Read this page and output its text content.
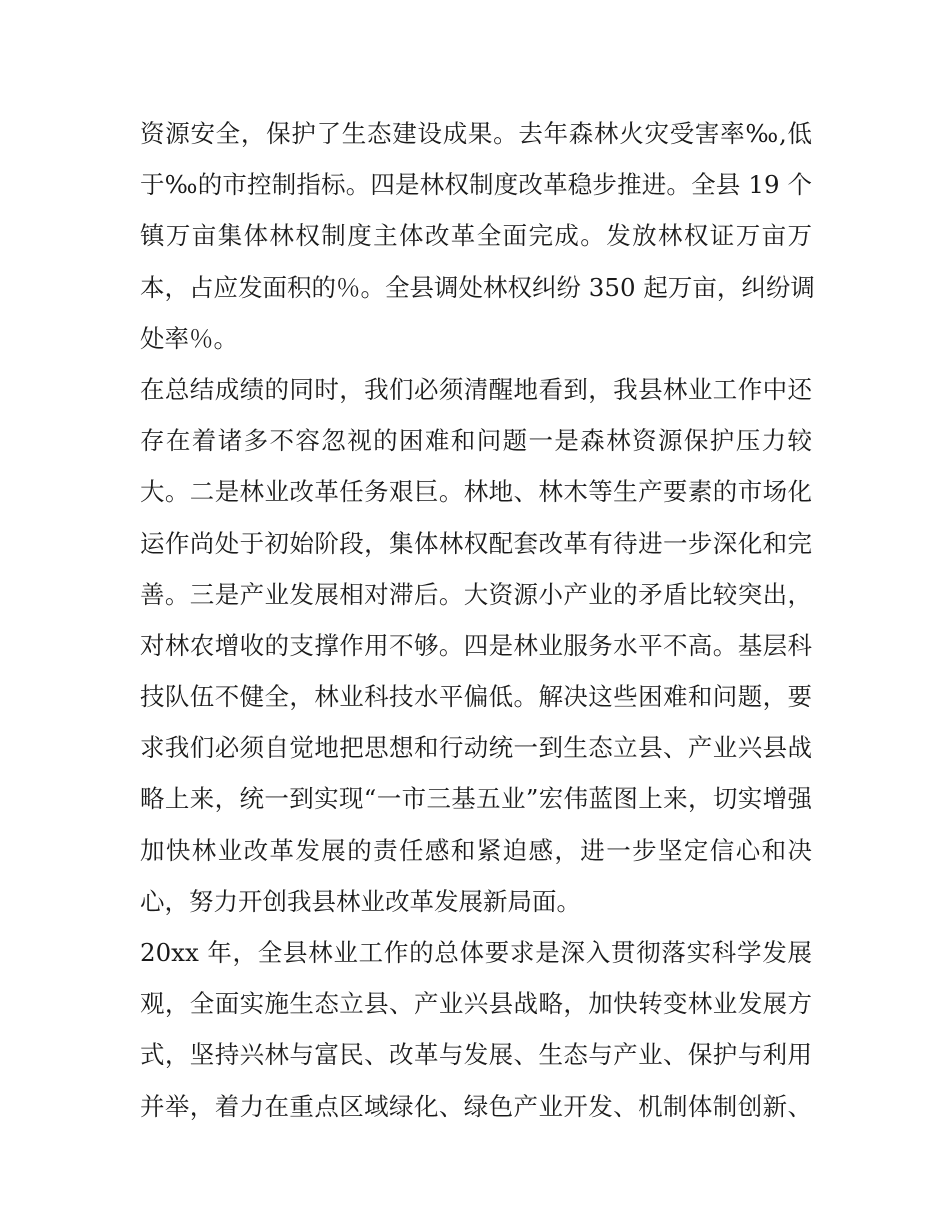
资源安全，保护了生态建设成果。去年森林火灾受害率‰,低
于‰的市控制指标。四是林权制度改革稳步推进。全县 19 个
镇万亩集体林权制度主体改革全面完成。发放林权证万亩万
本，占应发面积的％。全县调处林权纠纷 350 起万亩，纠纷调
处率％。
在总结成绩的同时，我们必须清醒地看到，我县林业工作中还
存在着诸多不容忽视的困难和问题一是森林资源保护压力较
大。二是林业改革任务艰巨。林地、林木等生产要素的市场化
运作尚处于初始阶段，集体林权配套改革有待进一步深化和完
善。三是产业发展相对滞后。大资源小产业的矛盾比较突出，
对林农增收的支撑作用不够。四是林业服务水平不高。基层科
技队伍不健全，林业科技水平偏低。解决这些困难和问题，要
求我们必须自觉地把思想和行动统一到生态立县、产业兴县战
略上来，统一到实现“一市三基五业”宏伟蓝图上来，切实增强
加快林业改革发展的责任感和紧迫感，进一步坚定信心和决
心，努力开创我县林业改革发展新局面。
20xx 年，全县林业工作的总体要求是深入贯彻落实科学发展
观，全面实施生态立县、产业兴县战略，加快转变林业发展方
式，坚持兴林与富民、改革与发展、生态与产业、保护与利用
并举，着力在重点区域绿化、绿色产业开发、机制体制创新、
